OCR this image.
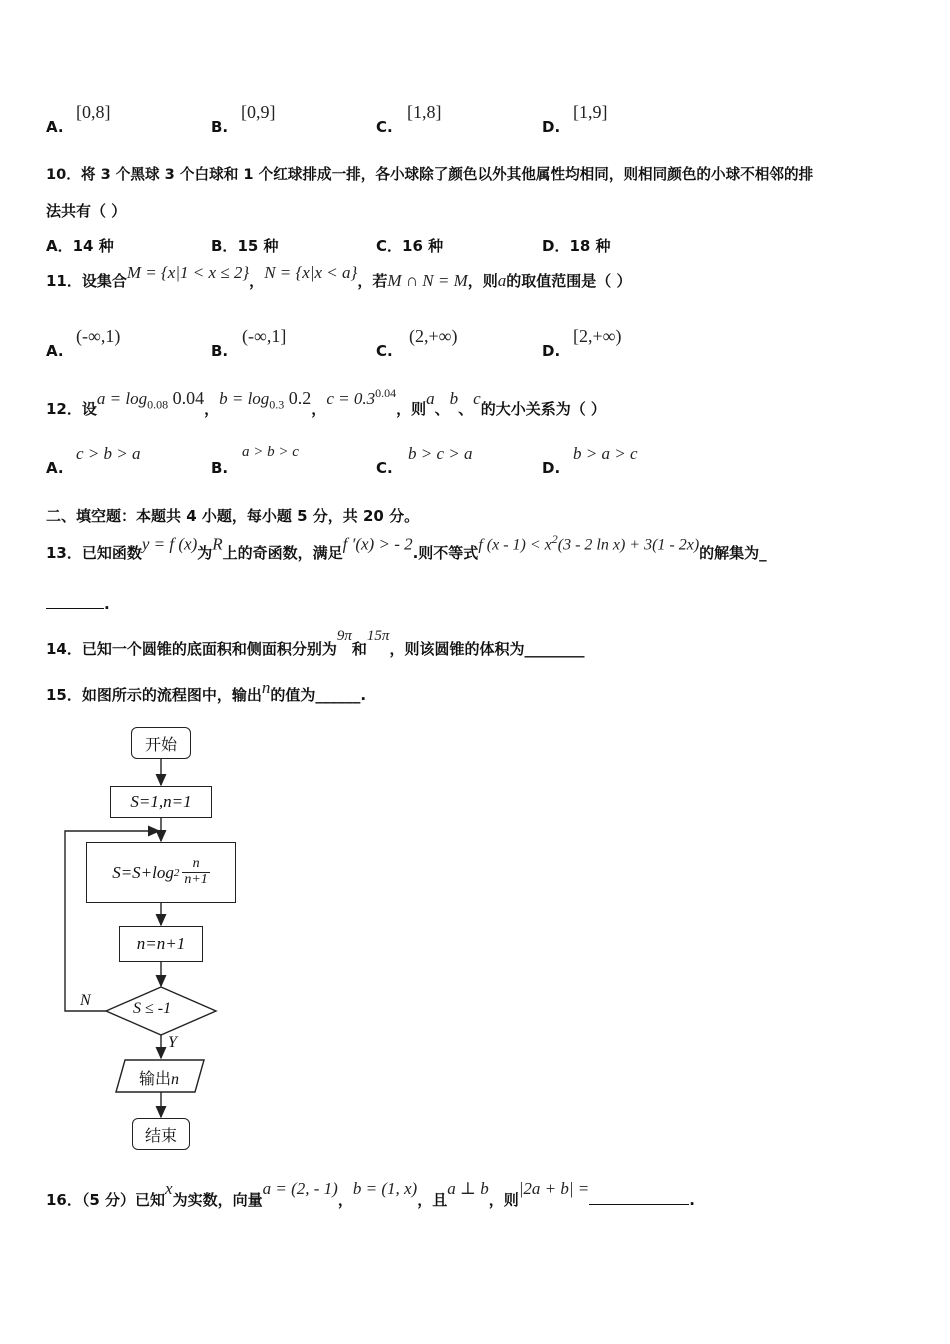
A.
[0,8]
B.
[0,9]
C.
[1,8]
D.
[1,9]
10．将 3 个黑球 3 个白球和 1 个红球排成一排，各小球除了颜色以外其他属性均相同，则相同颜色的小球不相邻的排
法共有（ ）
A．14 种	B．15 种	C．16 种	D．18 种
11．设集合M = {x|1 < x ≤ 2}，N = {x|x < a}，若M ∩ N = M，则a的取值范围是（ ）
A.
(-∞,1)
B.
(-∞,1]
C.
(2,+∞)
D.
[2,+∞)
12．设$a = \log_{0.08} 0.04$，$b = \log_{0.3} 0.2$，$c = 0.3^{0.04}$，则a、b、c的大小关系为（ ）
A.
c > b > a
B.
a > b > c
C.
b > c > a
D.
b > a > c
二、填空题：本题共 4 小题，每小题 5 分，共 20 分。
13．已知函数y = f (x)为R上的奇函数，满足f ′(x) > - 2.则不等式f $(x - 1) < x^2(3 - 2$ ln x) + 3(1 - 2x)的解集为_
.
14．已知一个圆锥的底面积和侧面积分别为9π和15π，则该圆锥的体积为________
15．如图所示的流程图中，输出n的值为______.
开始
S=1,n=1
S=S+log 2
n
n+1
n=n+1
S ≤ -1
N
Y
输出n
结束
16．（5 分）已知x为实数，向量a = (2, - 1)，b = (1, x)，且a ⊥ b，则|2a + b| =.
